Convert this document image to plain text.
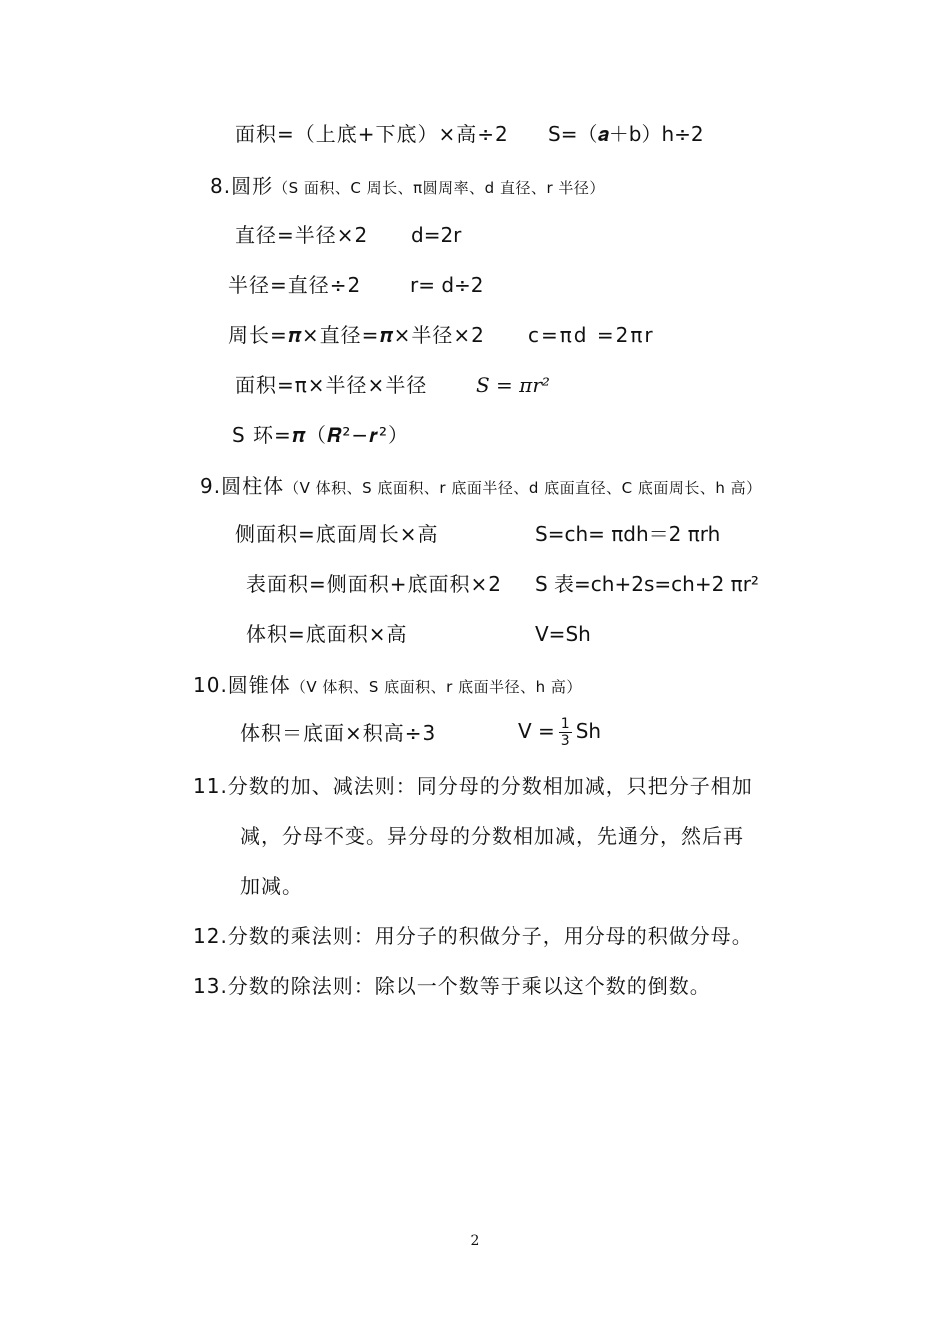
面积=（上底+下底）×高÷2 S=（𝒂＋b）h÷2
8.圆形（S 面积、C 周长、π圆周率、d 直径、r 半径）
直径=半径×2 d=2r
半径=直径÷2 r= d÷2
周长=𝝅×直径=𝝅×半径×2 c=πd =2πr
面积=π×半径×半径 S = πr²
S 环=𝝅（𝑹²−𝒓²）
9.圆柱体（V 体积、S 底面积、r 底面半径、d 底面直径、C 底面周长、h 高）
侧面积=底面周长×高	S=ch= πdh＝2 πrh
表面积=侧面积+底面积×2 S 表=ch+2s=ch+2 πr²
体积=底面积×高	V=Sh
10.圆锥体（V 体积、S 底面积、r 底面半径、h 高）
体积＝底面×积高÷3	$V = \frac{1}{3}$ Sh
11.分数的加、减法则：同分母的分数相加减，只把分子相加
减，分母不变。异分母的分数相加减，先通分，然后再
加减。
12.分数的乘法则：用分子的积做分子，用分母的积做分母。
13.分数的除法则：除以一个数等于乘以这个数的倒数。
2
